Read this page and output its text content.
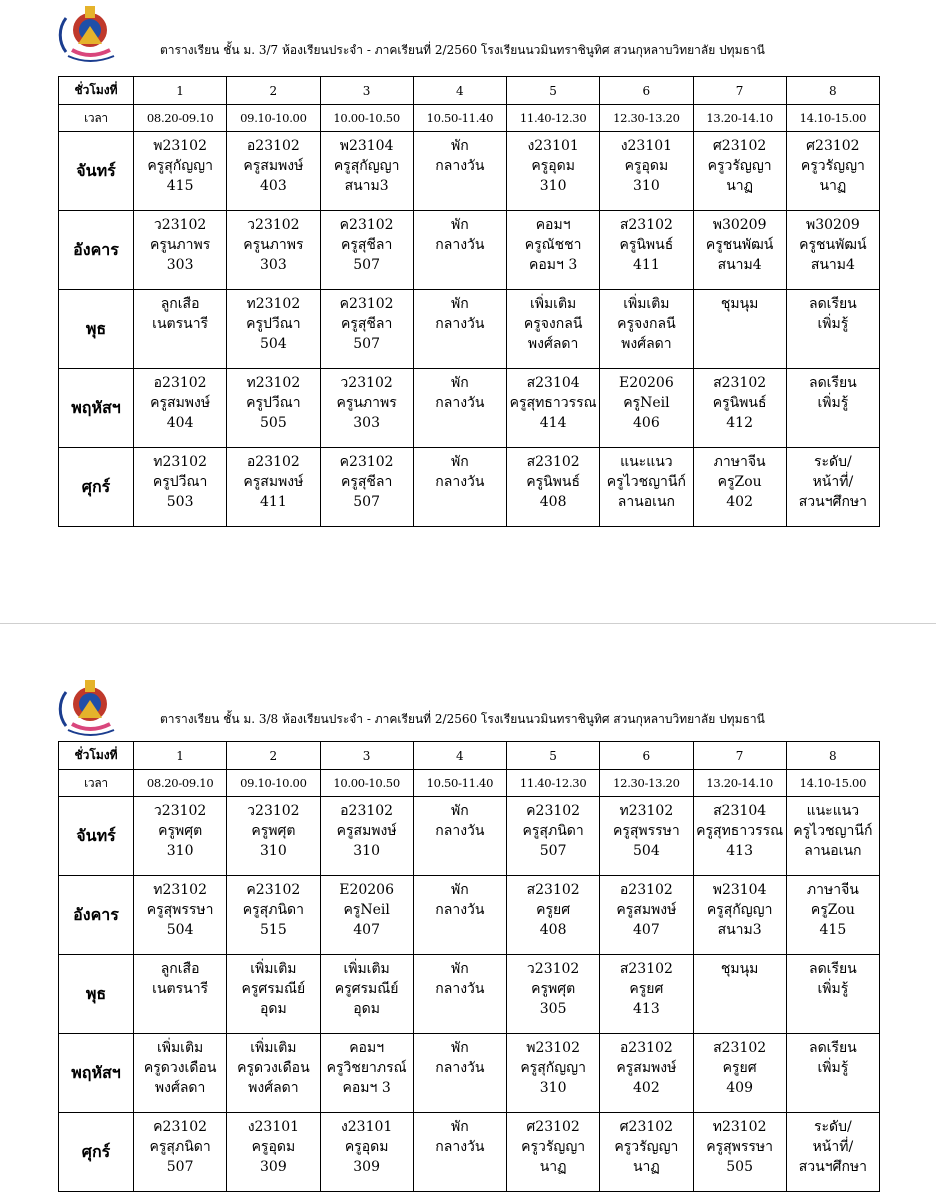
ตารางเรียน ชั้น ม. 3/7 ห้องเรียนประจำ - ภาคเรียนที่ 2/2560 โรงเรียนนวมินทราชินูทิศ สวนกุหลาบวิทยาลัย ปทุมธานี
ชั่วโมงที่	1	2	3	4	5	6	7	8
เวลา	08.20-09.10	09.10-10.00	10.00-10.50	10.50-11.40	11.40-12.30	12.30-13.20	13.20-14.10	14.10-15.00
จันทร์	พ23102
ครูสุกัญญา
415	อ23102
ครูสมพงษ์
403	พ23104
ครูสุกัญญา
สนาม3	พัก
กลางวัน	ง23101
ครูอุดม
310	ง23101
ครูอุดม
310	ศ23102
ครูวรัญญา
นาฏ	ศ23102
ครูวรัญญา
นาฏ

อังคาร	ว23102
ครูนภาพร
303	ว23102
ครูนภาพร
303	ค23102
ครูสุชีลา
507	พัก
กลางวัน	คอมฯ
ครูณัชชา
คอมฯ 3	ส23102
ครูนิพนธ์
411	พ30209
ครูชนพัฒน์
สนาม4	พ30209
ครูชนพัฒน์
สนาม4

พุธ	ลูกเสือ
เนตรนารี	ท23102
ครูปวีณา
504	ค23102
ครูสุชีลา
507	พัก
กลางวัน	เพิ่มเติม
ครูจงกลนี
พงศ์ลดา	เพิ่มเติม
ครูจงกลนี
พงศ์ลดา	ชุมนุม	ลดเรียน
เพิ่มรู้

พฤหัสฯ	อ23102
ครูสมพงษ์
404	ท23102
ครูปวีณา
505	ว23102
ครูนภาพร
303	พัก
กลางวัน	ส23104
ครูสุทธาวรรณ
414	E20206
ครูNeil
406	ส23102
ครูนิพนธ์
412	ลดเรียน
เพิ่มรู้

ศุกร์	ท23102
ครูปวีณา
503	อ23102
ครูสมพงษ์
411	ค23102
ครูสุชีลา
507	พัก
กลางวัน	ส23102
ครูนิพนธ์
408	แนะแนว
ครูไวชญานีก์
ลานอเนก	ภาษาจีน
ครูZou
402	ระดับ/
หน้าที่/
สวนฯศึกษา
ตารางเรียน ชั้น ม. 3/8 ห้องเรียนประจำ - ภาคเรียนที่ 2/2560 โรงเรียนนวมินทราชินูทิศ สวนกุหลาบวิทยาลัย ปทุมธานี
ชั่วโมงที่	1	2	3	4	5	6	7	8
เวลา	08.20-09.10	09.10-10.00	10.00-10.50	10.50-11.40	11.40-12.30	12.30-13.20	13.20-14.10	14.10-15.00
จันทร์	ว23102
ครูพศุต
310	ว23102
ครูพศุต
310	อ23102
ครูสมพงษ์
310	พัก
กลางวัน	ค23102
ครูสุภนิดา
507	ท23102
ครูสุพรรษา
504	ส23104
ครูสุทธาวรรณ
413	แนะแนว
ครูไวชญานีก์
ลานอเนก

อังคาร	ท23102
ครูสุพรรษา
504	ค23102
ครูสุภนิดา
515	E20206
ครูNeil
407	พัก
กลางวัน	ส23102
ครูยศ
408	อ23102
ครูสมพงษ์
407	พ23104
ครูสุกัญญา
สนาม3	ภาษาจีน
ครูZou
415

พุธ	ลูกเสือ
เนตรนารี	เพิ่มเติม
ครูศรมณีย์
อุดม	เพิ่มเติม
ครูศรมณีย์
อุดม	พัก
กลางวัน	ว23102
ครูพศุต
305	ส23102
ครูยศ
413	ชุมนุม	ลดเรียน
เพิ่มรู้

พฤหัสฯ	เพิ่มเติม
ครูดวงเดือน
พงศ์ลดา	เพิ่มเติม
ครูดวงเดือน
พงศ์ลดา	คอมฯ
ครูวิชยาภรณ์
คอมฯ 3	พัก
กลางวัน	พ23102
ครูสุกัญญา
310	อ23102
ครูสมพงษ์
402	ส23102
ครูยศ
409	ลดเรียน
เพิ่มรู้

ศุกร์	ค23102
ครูสุภนิดา
507	ง23101
ครูอุดม
309	ง23101
ครูอุดม
309	พัก
กลางวัน	ศ23102
ครูวรัญญา
นาฏ	ศ23102
ครูวรัญญา
นาฏ	ท23102
ครูสุพรรษา
505	ระดับ/
หน้าที่/
สวนฯศึกษา
